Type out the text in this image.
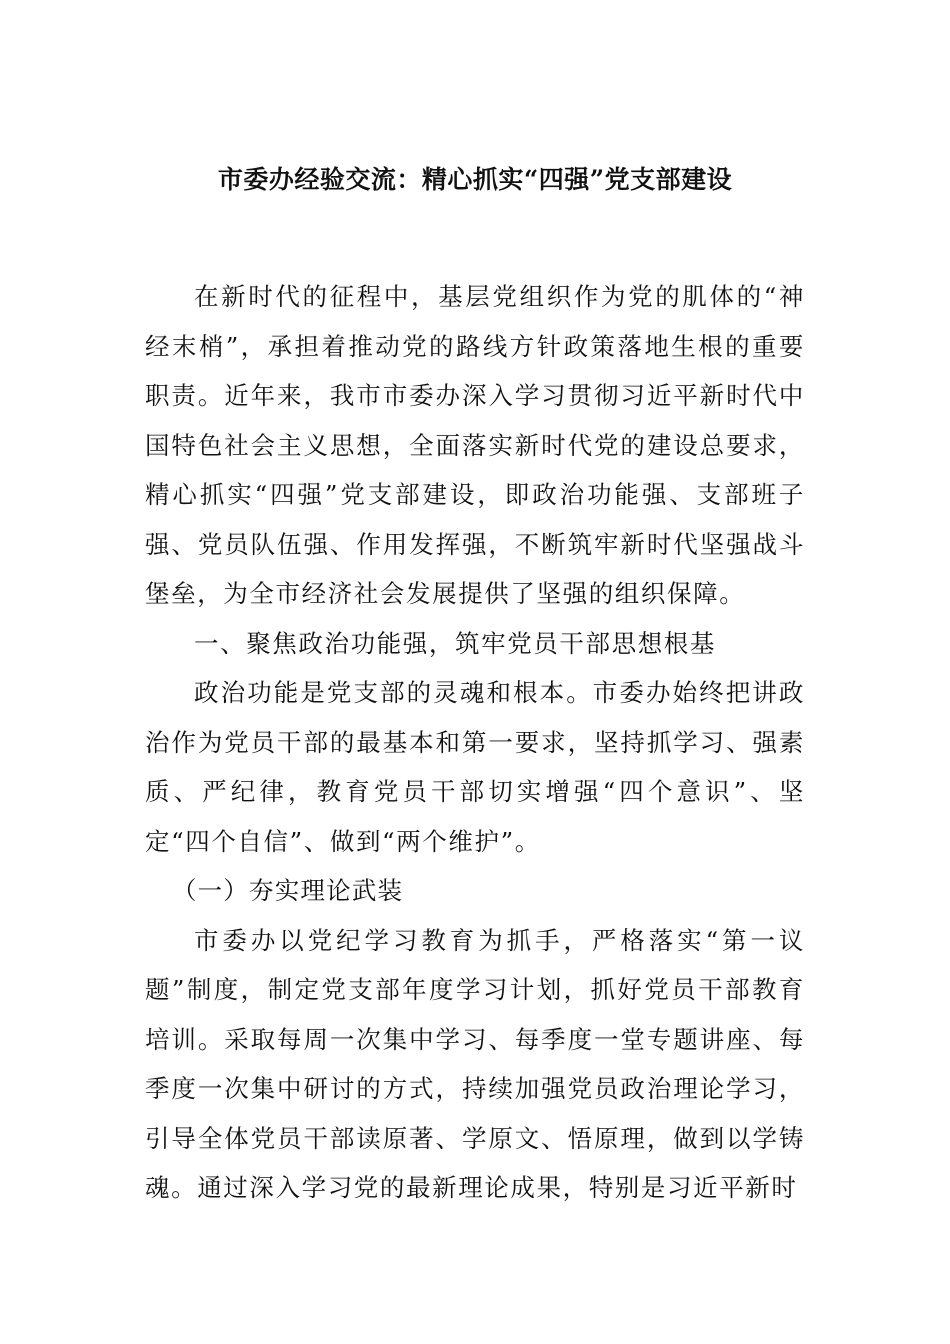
市委办经验交流：精心抓实“四强”党支部建设

在新时代的征程中，基层党组织作为党的肌体的“神经末梢”，承担着推动党的路线方针政策落地生根的重要职责。近年来，我市市委办深入学习贯彻习近平新时代中国特色社会主义思想，全面落实新时代党的建设总要求，精心抓实“四强”党支部建设，即政治功能强、支部班子强、党员队伍强、作用发挥强，不断筑牢新时代坚强战斗堡垒，为全市经济社会发展提供了坚强的组织保障。

一、聚焦政治功能强，筑牢党员干部思想根基

政治功能是党支部的灵魂和根本。市委办始终把讲政治作为党员干部的最基本和第一要求，坚持抓学习、强素质、严纪律，教育党员干部切实增强“四个意识”、坚定“四个自信”、做到“两个维护”。

（一）夯实理论武装

市委办以党纪学习教育为抓手，严格落实“第一议题”制度，制定党支部年度学习计划，抓好党员干部教育培训。采取每周一次集中学习、每季度一堂专题讲座、每季度一次集中研讨的方式，持续加强党员政治理论学习，引导全体党员干部读原著、学原文、悟原理，做到以学铸魂。通过深入学习党的最新理论成果，特别是习近平新时
